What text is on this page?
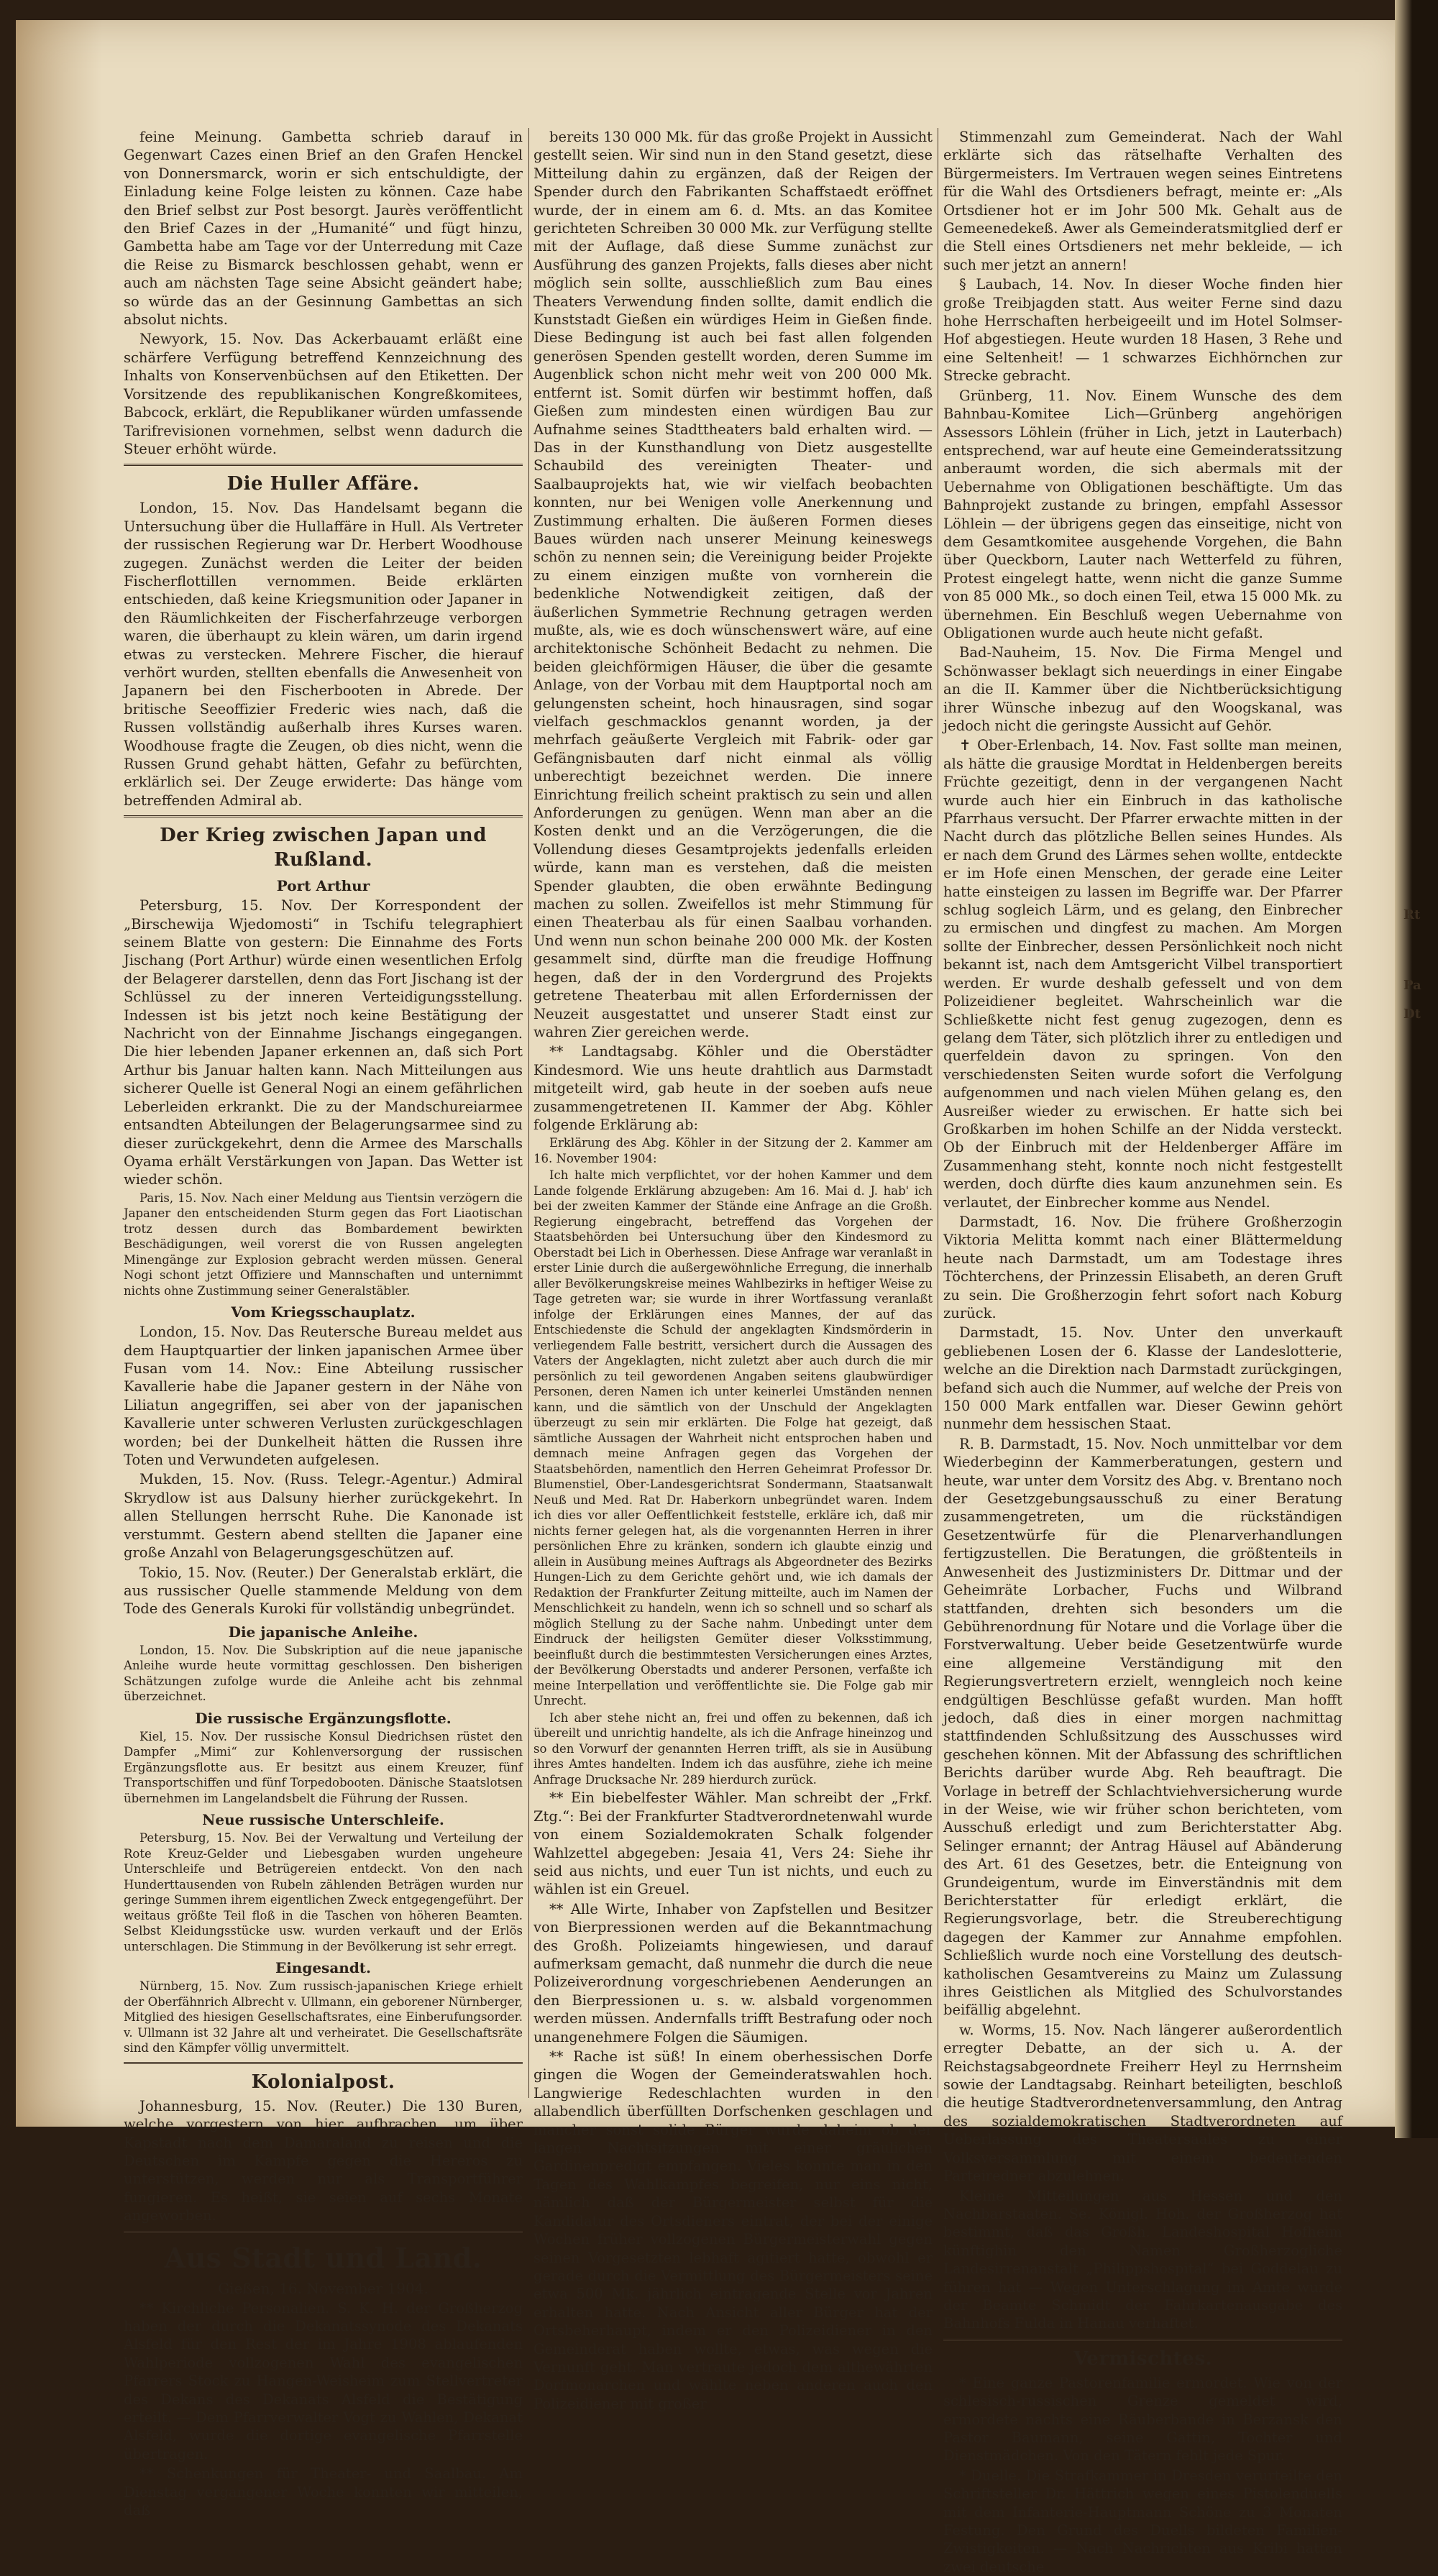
feine Meinung. Gambetta schrieb darauf in Gegenwart Cazes einen Brief an den Grafen Henckel von Donnersmarck, worin er sich entschuldigte, der Einladung keine Folge leisten zu können. Caze habe den Brief selbst zur Post besorgt. Jaurès veröffentlicht den Brief Cazes in der „Humanité“ und fügt hinzu, Gambetta habe am Tage vor der Unterredung mit Caze die Reise zu Bismarck beschlossen gehabt, wenn er auch am nächsten Tage seine Absicht geändert habe; so würde das an der Gesinnung Gambettas an sich absolut nichts.

Newyork, 15. Nov. Das Ackerbauamt erläßt eine schärfere Verfügung betreffend Kennzeichnung des Inhalts von Konservenbüchsen auf den Etiketten. Der Vorsitzende des republikanischen Kongreßkomitees, Babcock, erklärt, die Republikaner würden umfassende Tarifrevisionen vornehmen, selbst wenn dadurch die Steuer erhöht würde.

Die Huller Affäre.

London, 15. Nov. Das Handelsamt begann die Untersuchung über die Hullaffäre in Hull. Als Vertreter der russischen Regierung war Dr. Herbert Woodhouse zugegen. Zunächst werden die Leiter der beiden Fischerflottillen vernommen. Beide erklärten entschieden, daß keine Kriegsmunition oder Japaner in den Räumlichkeiten der Fischerfahrzeuge verborgen waren, die überhaupt zu klein wären, um darin irgend etwas zu verstecken. Mehrere Fischer, die hierauf verhört wurden, stellten ebenfalls die Anwesenheit von Japanern bei den Fischerbooten in Abrede. Der britische Seeoffizier Frederic wies nach, daß die Russen vollständig außerhalb ihres Kurses waren. Woodhouse fragte die Zeugen, ob dies nicht, wenn die Russen Grund gehabt hätten, Gefahr zu befürchten, erklärlich sei. Der Zeuge erwiderte: Das hänge vom betreffenden Admiral ab.

Der Krieg zwischen Japan und Rußland.
Port Arthur

Petersburg, 15. Nov. Der Korrespondent der „Birschewija Wjedomosti“ in Tschifu telegraphiert seinem Blatte von gestern: Die Einnahme des Forts Jischang (Port Arthur) würde einen wesentlichen Erfolg der Belagerer darstellen, denn das Fort Jischang ist der Schlüssel zu der inneren Verteidigungsstellung. Indessen ist bis jetzt noch keine Bestätigung der Nachricht von der Einnahme Jischangs eingegangen. Die hier lebenden Japaner erkennen an, daß sich Port Arthur bis Januar halten kann. Nach Mitteilungen aus sicherer Quelle ist General Nogi an einem gefährlichen Leberleiden erkrankt. Die zu der Mandschureiarmee entsandten Abteilungen der Belagerungsarmee sind zu dieser zurückgekehrt, denn die Armee des Marschalls Oyama erhält Verstärkungen von Japan. Das Wetter ist wieder schön.

Paris, 15. Nov. Nach einer Meldung aus Tientsin verzögern die Japaner den entscheidenden Sturm gegen das Fort Liaotischan trotz dessen durch das Bombardement bewirkten Beschädigungen, weil vorerst die von Russen angelegten Minengänge zur Explosion gebracht werden müssen. General Nogi schont jetzt Offiziere und Mannschaften und unternimmt nichts ohne Zustimmung seiner Generalstäbler.

Vom Kriegsschauplatz.

London, 15. Nov. Das Reutersche Bureau meldet aus dem Hauptquartier der linken japanischen Armee über Fusan vom 14. Nov.: Eine Abteilung russischer Kavallerie habe die Japaner gestern in der Nähe von Liliatun angegriffen, sei aber von der japanischen Kavallerie unter schweren Verlusten zurückgeschlagen worden; bei der Dunkelheit hätten die Russen ihre Toten und Verwundeten aufgelesen.

Mukden, 15. Nov. (Russ. Telegr.-Agentur.) Admiral Skrydlow ist aus Dalsuny hierher zurückgekehrt. In allen Stellungen herrscht Ruhe. Die Kanonade ist verstummt. Gestern abend stellten die Japaner eine große Anzahl von Belagerungsgeschützen auf.

Tokio, 15. Nov. (Reuter.) Der Generalstab erklärt, die aus russischer Quelle stammende Meldung von dem Tode des Generals Kuroki für vollständig unbegründet.

Die japanische Anleihe.

London, 15. Nov. Die Subskription auf die neue japanische Anleihe wurde heute vormittag geschlossen. Den bisherigen Schätzungen zufolge wurde die Anleihe acht bis zehnmal überzeichnet.

Die russische Ergänzungsflotte.

Kiel, 15. Nov. Der russische Konsul Diedrichsen rüstet den Dampfer „Mimi“ zur Kohlenversorgung der russischen Ergänzungsflotte aus. Er besitzt aus einem Kreuzer, fünf Transportschiffen und fünf Torpedobooten. Dänische Staatslotsen übernehmen im Langelandsbelt die Führung der Russen.

Neue russische Unterschleife.

Petersburg, 15. Nov. Bei der Verwaltung und Verteilung der Rote Kreuz-Gelder und Liebesgaben wurden ungeheure Unterschleife und Betrügereien entdeckt. Von den nach Hunderttausenden von Rubeln zählenden Beträgen wurden nur geringe Summen ihrem eigentlichen Zweck entgegengeführt. Der weitaus größte Teil floß in die Taschen von höheren Beamten. Selbst Kleidungsstücke usw. wurden verkauft und der Erlös unterschlagen. Die Stimmung in der Bevölkerung ist sehr erregt.

Eingesandt.

Nürnberg, 15. Nov. Zum russisch-japanischen Kriege erhielt der Oberfähnrich Albrecht v. Ullmann, ein geborener Nürnberger, Mitglied des hiesigen Gesellschaftsrates, eine Einberufungsorder. v. Ullmann ist 32 Jahre alt und verheiratet. Die Gesellschaftsräte sind den Kämpfer völlig unvermittelt.

Kolonialpost.

Johannesburg, 15. Nov. (Reuter.) Die 130 Buren, welche vorgestern von hier aufbrachen, um über Kapstadt nach dem Damaraland zu reisen und die Deutschen im Kampfe gegen die Hereros zu unterstützen, werden nur als Transportführer fungieren. Es heißt, sie seien auf sechs Monate angeworben.

Aus Stadt und Land.
Gießen, 16. November 1904.

** Kirchliche Personalien. S. K. H. der Großherzog haben der durch die Dekanatssynode des Dekanats Alsfeld für den Rest der im Jahre 1908 ablaufenden Wahlperiode vollzogenen Wahl des evangelischen Pfarrers Stock zu Hangen-Weisheim zum Stellvertreter des Dekans des Dekanats Alsfeld die Bestätigung erteilt. — Dem Pfarrverwalter Vogt zu Wahlen, Dekanat Alsfeld, wurde die dortige evangelische Pfarrstelle übertragen.

** Schenkungen für Theater- und Saalbau. Am Dienstag vergangener Woche konnten wir mitteilen, daß

bereits 130 000 Mk. für das große Projekt in Aussicht gestellt seien. Wir sind nun in den Stand gesetzt, diese Mitteilung dahin zu ergänzen, daß der Reigen der Spender durch den Fabrikanten Schaffstaedt eröffnet wurde, der in einem am 6. d. Mts. an das Komitee gerichteten Schreiben 30 000 Mk. zur Verfügung stellte mit der Auflage, daß diese Summe zunächst zur Ausführung des ganzen Projekts, falls dieses aber nicht möglich sein sollte, ausschließlich zum Bau eines Theaters Verwendung finden sollte, damit endlich die Kunststadt Gießen ein würdiges Heim in Gießen finde. Diese Bedingung ist auch bei fast allen folgenden generösen Spenden gestellt worden, deren Summe im Augenblick schon nicht mehr weit von 200 000 Mk. entfernt ist. Somit dürfen wir bestimmt hoffen, daß Gießen zum mindesten einen würdigen Bau zur Aufnahme seines Stadttheaters bald erhalten wird. — Das in der Kunsthandlung von Dietz ausgestellte Schaubild des vereinigten Theater- und Saalbauprojekts hat, wie wir vielfach beobachten konnten, nur bei Wenigen volle Anerkennung und Zustimmung erhalten. Die äußeren Formen dieses Baues würden nach unserer Meinung keineswegs schön zu nennen sein; die Vereinigung beider Projekte zu einem einzigen mußte von vornherein die bedenkliche Notwendigkeit zeitigen, daß der äußerlichen Symmetrie Rechnung getragen werden mußte, als, wie es doch wünschenswert wäre, auf eine architektonische Schönheit Bedacht zu nehmen. Die beiden gleichförmigen Häuser, die über die gesamte Anlage, von der Vorbau mit dem Hauptportal noch am gelungensten scheint, hoch hinausragen, sind sogar vielfach geschmacklos genannt worden, ja der mehrfach geäußerte Vergleich mit Fabrik- oder gar Gefängnisbauten darf nicht einmal als völlig unberechtigt bezeichnet werden. Die innere Einrichtung freilich scheint praktisch zu sein und allen Anforderungen zu genügen. Wenn man aber an die Kosten denkt und an die Verzögerungen, die die Vollendung dieses Gesamtprojekts jedenfalls erleiden würde, kann man es verstehen, daß die meisten Spender glaubten, die oben erwähnte Bedingung machen zu sollen. Zweifellos ist mehr Stimmung für einen Theaterbau als für einen Saalbau vorhanden. Und wenn nun schon beinahe 200 000 Mk. der Kosten gesammelt sind, dürfte man die freudige Hoffnung hegen, daß der in den Vordergrund des Projekts getretene Theaterbau mit allen Erfordernissen der Neuzeit ausgestattet und unserer Stadt einst zur wahren Zier gereichen werde.

** Landtagsabg. Köhler und die Oberstädter Kindesmord. Wie uns heute drahtlich aus Darmstadt mitgeteilt wird, gab heute in der soeben aufs neue zusammengetretenen II. Kammer der Abg. Köhler folgende Erklärung ab:

Erklärung des Abg. Köhler in der Sitzung der 2. Kammer am 16. November 1904:

Ich halte mich verpflichtet, vor der hohen Kammer und dem Lande folgende Erklärung abzugeben: Am 16. Mai d. J. hab' ich bei der zweiten Kammer der Stände eine Anfrage an die Großh. Regierung eingebracht, betreffend das Vorgehen der Staatsbehörden bei Untersuchung über den Kindesmord zu Oberstadt bei Lich in Oberhessen. Diese Anfrage war veranlaßt in erster Linie durch die außergewöhnliche Erregung, die innerhalb aller Bevölkerungskreise meines Wahlbezirks in heftiger Weise zu Tage getreten war; sie wurde in ihrer Wortfassung veranlaßt infolge der Erklärungen eines Mannes, der auf das Entschiedenste die Schuld der angeklagten Kindsmörderin in verliegendem Falle bestritt, versichert durch die Aussagen des Vaters der Angeklagten, nicht zuletzt aber auch durch die mir persönlich zu teil gewordenen Angaben seitens glaubwürdiger Personen, deren Namen ich unter keinerlei Umständen nennen kann, und die sämtlich von der Unschuld der Angeklagten überzeugt zu sein mir erklärten. Die Folge hat gezeigt, daß sämtliche Aussagen der Wahrheit nicht entsprochen haben und demnach meine Anfragen gegen das Vorgehen der Staatsbehörden, namentlich den Herren Geheimrat Professor Dr. Blumenstiel, Ober-Landesgerichtsrat Sondermann, Staatsanwalt Neuß und Med. Rat Dr. Haberkorn unbegründet waren. Indem ich dies vor aller Oeffentlichkeit feststelle, erkläre ich, daß mir nichts ferner gelegen hat, als die vorgenannten Herren in ihrer persönlichen Ehre zu kränken, sondern ich glaubte einzig und allein in Ausübung meines Auftrags als Abgeordneter des Bezirks Hungen-Lich zu dem Gerichte gehört und, wie ich damals der Redaktion der Frankfurter Zeitung mitteilte, auch im Namen der Menschlichkeit zu handeln, wenn ich so schnell und so scharf als möglich Stellung zu der Sache nahm. Unbedingt unter dem Eindruck der heiligsten Gemüter dieser Volksstimmung, beeinflußt durch die bestimmtesten Versicherungen eines Arztes, der Bevölkerung Oberstadts und anderer Personen, verfaßte ich meine Interpellation und veröffentlichte sie. Die Folge gab mir Unrecht.

Ich aber stehe nicht an, frei und offen zu bekennen, daß ich übereilt und unrichtig handelte, als ich die Anfrage hineinzog und so den Vorwurf der genannten Herren trifft, als sie in Ausübung ihres Amtes handelten. Indem ich das ausführe, ziehe ich meine Anfrage Drucksache Nr. 289 hierdurch zurück.

** Ein biebelfester Wähler. Man schreibt der „Frkf. Ztg.“: Bei der Frankfurter Stadtverordnetenwahl wurde von einem Sozialdemokraten Schalk folgender Wahlzettel abgegeben: Jesaia 41, Vers 24: Siehe ihr seid aus nichts, und euer Tun ist nichts, und euch zu wählen ist ein Greuel.

** Alle Wirte, Inhaber von Zapfstellen und Besitzer von Bierpressionen werden auf die Bekanntmachung des Großh. Polizeiamts hingewiesen, und darauf aufmerksam gemacht, daß nunmehr die durch die neue Polizeiverordnung vorgeschriebenen Aenderungen an den Bierpressionen u. s. w. alsbald vorgenommen werden müssen. Andernfalls trifft Bestrafung oder noch unangenehmere Folgen die Säumigen.

** Rache ist süß! In einem oberhessischen Dorfe gingen die Wogen der Gemeinderatswahlen hoch. Langwierige Redeschlachten wurden in den allabendlich überfüllten Dorfschenken geschlagen und mancher sonst solide Bürger wurde daheim ob der langen Nachtsitzungen mit einer gräulichen Gardinenpredigt empfangen. Vieles konnte man in den Tagen des Wahlkampfes begreifen, nur eins nicht, nämlich daß der Bürgermeister selbst für die Kandidatur des Ortsdieners eintrat, der bei der einige Wochen früher vollzogenen Bürgermeisterwahl gegen seinen Vorgesetzten lebhaft agitiert hatte, obwohl er gerade durch die Vermittlung des Bürgermeisters seine etwa 500 Mk. jährlich eintragende Stelle vor Jahren erhalten hatte. Nach Ansicht aller Bürger hat der Ortsbeherhaupt, indem er den Polizeidiener in den Gemeinderat haben wollte, etwas, was wegen die Vernunft geht. Man vertraute jedoch dem althewährten Dorfmonarchen und wählte neben anderen auch den Polizeidiener mit großer

Stimmenzahl zum Gemeinderat. Nach der Wahl erklärte sich das rätselhafte Verhalten des Bürgermeisters. Im Vertrauen wegen seines Eintretens für die Wahl des Ortsdieners befragt, meinte er: „Als Ortsdiener hot er im Johr 500 Mk. Gehalt aus de Gemeenedekeß. Awer als Gemeinderatsmitglied derf er die Stell eines Ortsdieners net mehr bekleide, — ich such mer jetzt an annern!

§ Laubach, 14. Nov. In dieser Woche finden hier große Treibjagden statt. Aus weiter Ferne sind dazu hohe Herrschaften herbeigeeilt und im Hotel Solmser-Hof abgestiegen. Heute wurden 18 Hasen, 3 Rehe und eine Seltenheit! — 1 schwarzes Eichhörnchen zur Strecke gebracht.

Grünberg, 11. Nov. Einem Wunsche des dem Bahnbau-Komitee Lich—Grünberg angehörigen Assessors Löhlein (früher in Lich, jetzt in Lauterbach) entsprechend, war auf heute eine Gemeinderatssitzung anberaumt worden, die sich abermals mit der Uebernahme von Obligationen beschäftigte. Um das Bahnprojekt zustande zu bringen, empfahl Assessor Löhlein — der übrigens gegen das einseitige, nicht von dem Gesamtkomitee ausgehende Vorgehen, die Bahn über Queckborn, Lauter nach Wetterfeld zu führen, Protest eingelegt hatte, wenn nicht die ganze Summe von 85 000 Mk., so doch einen Teil, etwa 15 000 Mk. zu übernehmen. Ein Beschluß wegen Uebernahme von Obligationen wurde auch heute nicht gefaßt.

Bad-Nauheim, 15. Nov. Die Firma Mengel und Schönwasser beklagt sich neuerdings in einer Eingabe an die II. Kammer über die Nichtberücksichtigung ihrer Wünsche inbezug auf den Woogskanal, was jedoch nicht die geringste Aussicht auf Gehör.

✝ Ober-Erlenbach, 14. Nov. Fast sollte man meinen, als hätte die grausige Mordtat in Heldenbergen bereits Früchte gezeitigt, denn in der vergangenen Nacht wurde auch hier ein Einbruch in das katholische Pfarrhaus versucht. Der Pfarrer erwachte mitten in der Nacht durch das plötzliche Bellen seines Hundes. Als er nach dem Grund des Lärmes sehen wollte, entdeckte er im Hofe einen Menschen, der gerade eine Leiter hatte einsteigen zu lassen im Begriffe war. Der Pfarrer schlug sogleich Lärm, und es gelang, den Einbrecher zu ermischen und dingfest zu machen. Am Morgen sollte der Einbrecher, dessen Persönlichkeit noch nicht bekannt ist, nach dem Amtsgericht Vilbel transportiert werden. Er wurde deshalb gefesselt und von dem Polizeidiener begleitet. Wahrscheinlich war die Schließkette nicht fest genug zugezogen, denn es gelang dem Täter, sich plötzlich ihrer zu entledigen und querfeldein davon zu springen. Von den verschiedensten Seiten wurde sofort die Verfolgung aufgenommen und nach vielen Mühen gelang es, den Ausreißer wieder zu erwischen. Er hatte sich bei Großkarben im hohen Schilfe an der Nidda versteckt. Ob der Einbruch mit der Heldenberger Affäre im Zusammenhang steht, konnte noch nicht festgestellt werden, doch dürfte dies kaum anzunehmen sein. Es verlautet, der Einbrecher komme aus Nendel.

Darmstadt, 16. Nov. Die frühere Großherzogin Viktoria Melitta kommt nach einer Blättermeldung heute nach Darmstadt, um am Todestage ihres Töchterchens, der Prinzessin Elisabeth, an deren Gruft zu sein. Die Großherzogin fehrt sofort nach Koburg zurück.

Darmstadt, 15. Nov. Unter den unverkauft gebliebenen Losen der 6. Klasse der Landeslotterie, welche an die Direktion nach Darmstadt zurückgingen, befand sich auch die Nummer, auf welche der Preis von 150 000 Mark entfallen war. Dieser Gewinn gehört nunmehr dem hessischen Staat.

R. B. Darmstadt, 15. Nov. Noch unmittelbar vor dem Wiederbeginn der Kammerberatungen, gestern und heute, war unter dem Vorsitz des Abg. v. Brentano noch der Gesetzgebungsausschuß zu einer Beratung zusammengetreten, um die rückständigen Gesetzentwürfe für die Plenarverhandlungen fertigzustellen. Die Beratungen, die größtenteils in Anwesenheit des Justizministers Dr. Dittmar und der Geheimräte Lorbacher, Fuchs und Wilbrand stattfanden, drehten sich besonders um die Gebührenordnung für Notare und die Vorlage über die Forstverwaltung. Ueber beide Gesetzentwürfe wurde eine allgemeine Verständigung mit den Regierungsvertretern erzielt, wenngleich noch keine endgültigen Beschlüsse gefaßt wurden. Man hofft jedoch, daß dies in einer morgen nachmittag stattfindenden Schlußsitzung des Ausschusses wird geschehen können. Mit der Abfassung des schriftlichen Berichts darüber wurde Abg. Reh beauftragt. Die Vorlage in betreff der Schlachtviehversicherung wurde in der Weise, wie wir früher schon berichteten, vom Ausschuß erledigt und zum Berichterstatter Abg. Selinger ernannt; der Antrag Häusel auf Abänderung des Art. 61 des Gesetzes, betr. die Enteignung von Grundeigentum, wurde im Einverständnis mit dem Berichterstatter für erledigt erklärt, die Regierungsvorlage, betr. die Streuberechtigung dagegen der Kammer zur Annahme empfohlen. Schließlich wurde noch eine Vorstellung des deutsch-katholischen Gesamtvereins zu Mainz um Zulassung ihres Geistlichen als Mitglied des Schulvorstandes beifällig abgelehnt.

w. Worms, 15. Nov. Nach längerer außerordentlich erregter Debatte, an der sich u. A. der Reichstagsabgeordnete Freiherr Heyl zu Herrnsheim sowie der Landtagsabg. Reinhart beteiligten, beschloß die heutige Stadtverordnetenversammlung, den Antrag des sozialdemokratischen Stadtverordneten auf Ueberlassung des Theatersaales zu einer Volksversammlung mit einem bedeutenden Parteiredner abzulehnen.

Kleine Mitteilungen aus Hessen und den Nachbarstaaten. Se. Königl. Hoh. der Großherzog hat bestimmt, daß das Großh. Landeshospital Hofheim künftighin den Namen Großherzogliche Landesirrenanstalt „Philippshospital“ bei Goddelau zu führen hat — Wegen Unterschlagung im Amte wurde der Beamte Schmidt der Fahrkartenausgabe des Bahnhofs Fulda in Hanau verhaftet.

Vermischtes.

* Eine ganze Pastorenfamilie ermordet. Wie von der schlesisch-russischen Grenze gemeldet wird, ermordete nachts eine Räuberbande in Berzansk den Pastor Baumann, seine Gattin, Tochter und Dienstmädchen. Von den Tätern fehlt jede Spur.

* Duelle. Die Strafkammer in Dresden verurteilte den Schriftsteller Dr. Hättrich wegen eines Pistolenduells mit dem Infanterie-Hauptmann Schöne zu 3 Monaten Festung. Den Grund des Duells bildeten Familien-Zwistigkeiten. — Nach Nachrichten aus Kribi hatten zwei deutsche

Rt
Pa
Dt
